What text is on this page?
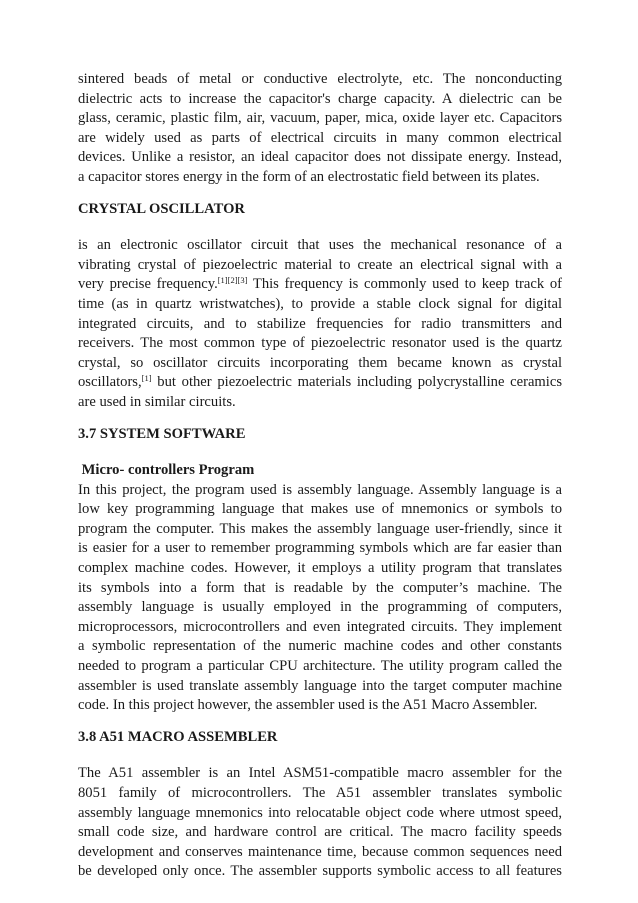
sintered beads of metal or conductive electrolyte, etc. The nonconducting
dielectric acts to increase the capacitor's charge capacity. A dielectric can be
glass, ceramic, plastic film, air, vacuum, paper, mica, oxide layer etc. Capacitors
are widely used as parts of electrical circuits in many common electrical
devices. Unlike a resistor, an ideal capacitor does not dissipate energy. Instead,
a capacitor stores energy in the form of an electrostatic field between its plates.

CRYSTAL OSCILLATOR

is an electronic oscillator circuit that uses the mechanical resonance of a
vibrating crystal of piezoelectric material to create an electrical signal with a
very precise frequency.[1][2][3] This frequency is commonly used to keep track of
time (as in quartz wristwatches), to provide a stable clock signal for digital
integrated circuits, and to stabilize frequencies for radio transmitters and
receivers. The most common type of piezoelectric resonator used is the quartz
crystal, so oscillator circuits incorporating them became known as crystal
oscillators,[1] but other piezoelectric materials including polycrystalline ceramics
are used in similar circuits.

3.7 SYSTEM SOFTWARE
Micro- controllers Program

In this project, the program used is assembly language. Assembly language is a
low key programming language that makes use of mnemonics or symbols to
program the computer. This makes the assembly language user-friendly, since it
is easier for a user to remember programming symbols which are far easier than
complex machine codes. However, it employs a utility program that translates
its symbols into a form that is readable by the computer’s machine. The
assembly language is usually employed in the programming of computers,
microprocessors, microcontrollers and even integrated circuits. They implement
a symbolic representation of the numeric machine codes and other constants
needed to program a particular CPU architecture. The utility program called the
assembler is used translate assembly language into the target computer machine
code. In this project however, the assembler used is the A51 Macro Assembler.

3.8 A51 MACRO ASSEMBLER

The A51 assembler is an Intel ASM51-compatible macro assembler for the
8051 family of microcontrollers. The A51 assembler translates symbolic
assembly language mnemonics into relocatable object code where utmost speed,
small code size, and hardware control are critical. The macro facility speeds
development and conserves maintenance time, because common sequences need
be developed only once. The assembler supports symbolic access to all features
